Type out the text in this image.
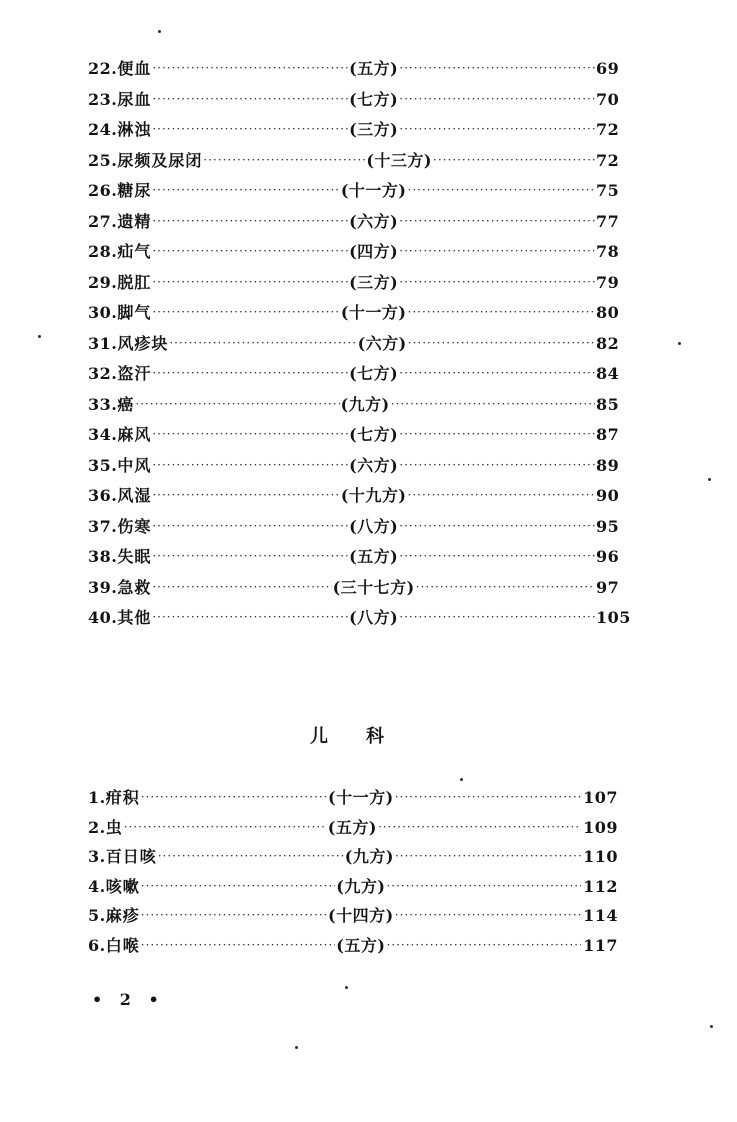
22. 便血 ·····	(五方) ·····	69
23. 尿血 ·····	(七方) ·····	70
24. 淋浊 ·····	(三方) ·····	72
25. 尿频及尿闭 ·····	(十三方) ·····	72
26. 糖尿 ·····	(十一方) ·····	75
27. 遗精 ·····	(六方) ·····	77
28. 疝气 ·····	(四方) ·····	78
29. 脱肛 ·····	(三方) ·····	79
30. 脚气 ·····	(十一方) ·····	80
31. 风疹块 ·····	(六方) ·····	82
32. 盗汗 ·····	(七方) ·····	84
33. 癌 ·····	(九方) ·····	85
34. 麻风 ·····	(七方) ·····	87
35. 中风 ·····	(六方) ·····	89
36. 风湿 ·····	(十九方) ·····	90
37. 伤寒 ·····	(八方) ·····	95
38. 失眠 ·····	(五方) ·····	96
39. 急救 ·····	(三十七方) ·····	97
40. 其他 ·····	(八方) ·····	105
儿科
1. 疳积 ·····	(十一方) ·····	107
2. 虫 ·····	(五方) ·····	109
3. 百日咳 ·····	(九方) ·····	110
4. 咳嗽 ·····	(九方) ·····	112
5. 麻疹 ·····	(十四方) ·····	114
6. 白喉 ·····	(五方) ·····	117
• 2 •
